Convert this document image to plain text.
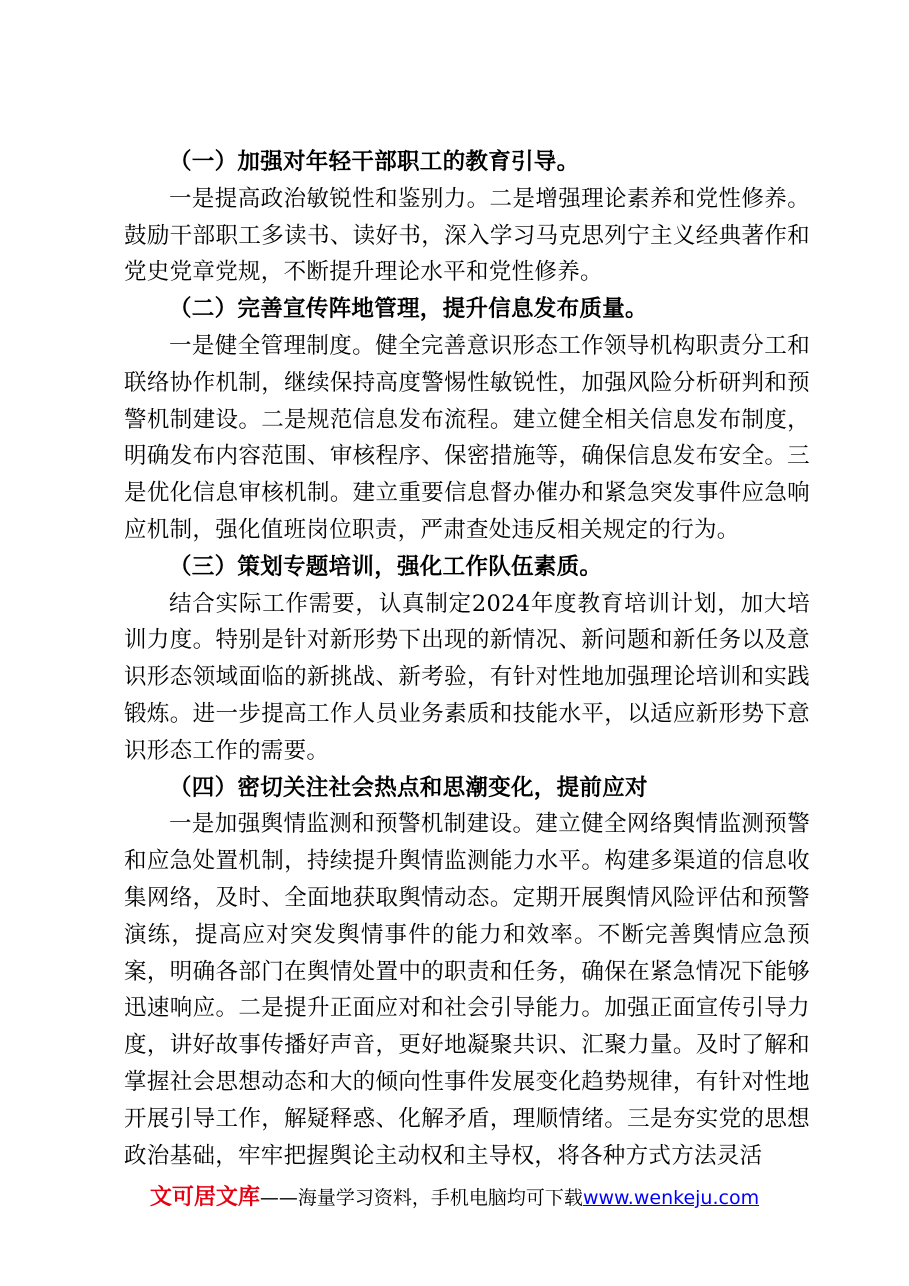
（一）加强对年轻干部职工的教育引导。

一是提高政治敏锐性和鉴别力。二是增强理论素养和党性修养。鼓励干部职工多读书、读好书，深入学习马克思列宁主义经典著作和党史党章党规，不断提升理论水平和党性修养。

（二）完善宣传阵地管理，提升信息发布质量。

一是健全管理制度。健全完善意识形态工作领导机构职责分工和联络协作机制，继续保持高度警惕性敏锐性，加强风险分析研判和预警机制建设。二是规范信息发布流程。建立健全相关信息发布制度，明确发布内容范围、审核程序、保密措施等，确保信息发布安全。三是优化信息审核机制。建立重要信息督办催办和紧急突发事件应急响应机制，强化值班岗位职责，严肃查处违反相关规定的行为。

（三）策划专题培训，强化工作队伍素质。

结合实际工作需要，认真制定2024年度教育培训计划，加大培训力度。特别是针对新形势下出现的新情况、新问题和新任务以及意识形态领域面临的新挑战、新考验，有针对性地加强理论培训和实践锻炼。进一步提高工作人员业务素质和技能水平，以适应新形势下意识形态工作的需要。

（四）密切关注社会热点和思潮变化，提前应对

一是加强舆情监测和预警机制建设。建立健全网络舆情监测预警和应急处置机制，持续提升舆情监测能力水平。构建多渠道的信息收集网络，及时、全面地获取舆情动态。定期开展舆情风险评估和预警演练，提高应对突发舆情事件的能力和效率。不断完善舆情应急预案，明确各部门在舆情处置中的职责和任务，确保在紧急情况下能够迅速响应。二是提升正面应对和社会引导能力。加强正面宣传引导力度，讲好故事传播好声音，更好地凝聚共识、汇聚力量。及时了解和掌握社会思想动态和大的倾向性事件发展变化趋势规律，有针对性地开展引导工作，解疑释惑、化解矛盾，理顺情绪。三是夯实党的思想政治基础，牢牢把握舆论主动权和主导权，将各种方式方法灵活

文可居文库——海量学习资料，手机电脑均可下载www.wenkeju.com
